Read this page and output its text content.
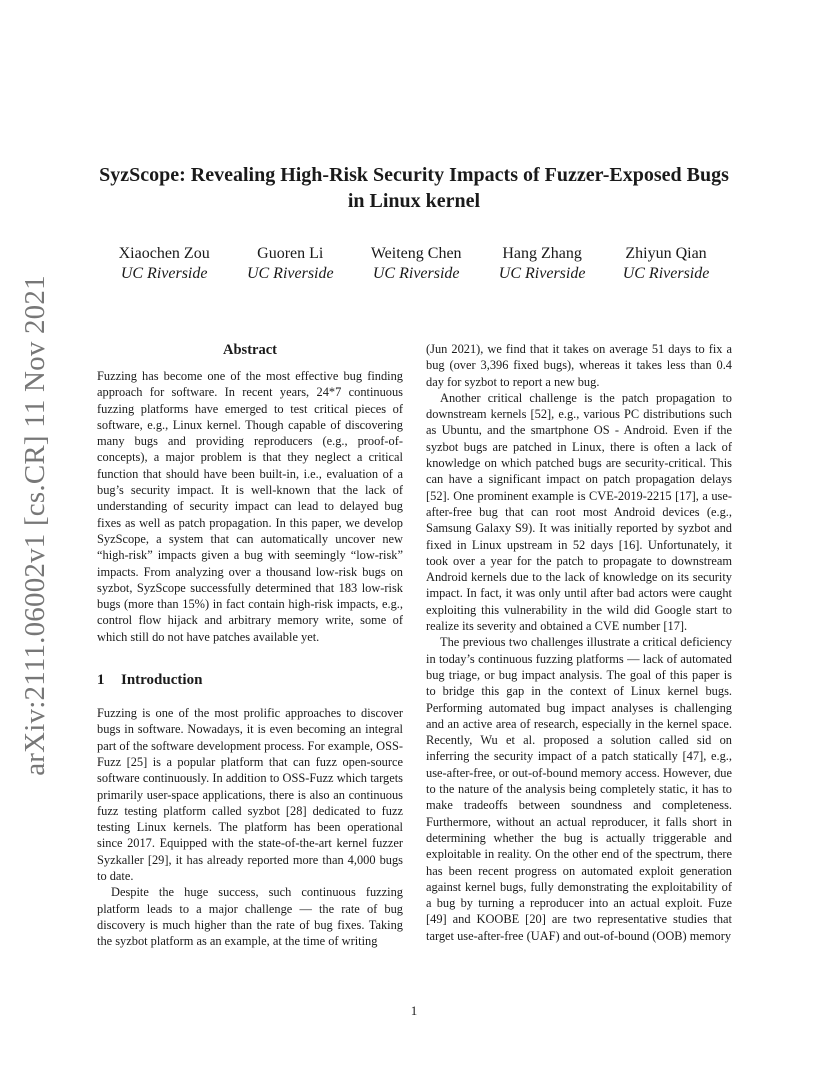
arXiv:2111.06002v1 [cs.CR] 11 Nov 2021
SyzScope: Revealing High-Risk Security Impacts of Fuzzer-Exposed Bugs in Linux kernel
Xiaochen Zou
UC Riverside
Guoren Li
UC Riverside
Weiteng Chen
UC Riverside
Hang Zhang
UC Riverside
Zhiyun Qian
UC Riverside
Abstract

Fuzzing has become one of the most effective bug finding approach for software. In recent years, 24*7 continuous fuzzing platforms have emerged to test critical pieces of software, e.g., Linux kernel. Though capable of discovering many bugs and providing reproducers (e.g., proof-of-concepts), a major problem is that they neglect a critical function that should have been built-in, i.e., evaluation of a bug’s security impact. It is well-known that the lack of understanding of security impact can lead to delayed bug fixes as well as patch propagation. In this paper, we develop SyzScope, a system that can automatically uncover new “high-risk” impacts given a bug with seemingly “low-risk” impacts. From analyzing over a thousand low-risk bugs on syzbot, SyzScope successfully determined that 183 low-risk bugs (more than 15%) in fact contain high-risk impacts, e.g., control flow hijack and arbitrary memory write, some of which still do not have patches available yet.

1 Introduction

Fuzzing is one of the most prolific approaches to discover bugs in software. Nowadays, it is even becoming an integral part of the software development process. For example, OSS-Fuzz [25] is a popular platform that can fuzz open-source software continuously. In addition to OSS-Fuzz which targets primarily user-space applications, there is also an continuous fuzz testing platform called syzbot [28] dedicated to fuzz testing Linux kernels. The platform has been operational since 2017. Equipped with the state-of-the-art kernel fuzzer Syzkaller [29], it has already reported more than 4,000 bugs to date.

Despite the huge success, such continuous fuzzing platform leads to a major challenge — the rate of bug discovery is much higher than the rate of bug fixes. Taking the syzbot platform as an example, at the time of writing

(Jun 2021), we find that it takes on average 51 days to fix a bug (over 3,396 fixed bugs), whereas it takes less than 0.4 day for syzbot to report a new bug.

Another critical challenge is the patch propagation to downstream kernels [52], e.g., various PC distributions such as Ubuntu, and the smartphone OS - Android. Even if the syzbot bugs are patched in Linux, there is often a lack of knowledge on which patched bugs are security-critical. This can have a significant impact on patch propagation delays [52]. One prominent example is CVE-2019-2215 [17], a use-after-free bug that can root most Android devices (e.g., Samsung Galaxy S9). It was initially reported by syzbot and fixed in Linux upstream in 52 days [16]. Unfortunately, it took over a year for the patch to propagate to downstream Android kernels due to the lack of knowledge on its security impact. In fact, it was only until after bad actors were caught exploiting this vulnerability in the wild did Google start to realize its severity and obtained a CVE number [17].

The previous two challenges illustrate a critical deficiency in today’s continuous fuzzing platforms — lack of automated bug triage, or bug impact analysis. The goal of this paper is to bridge this gap in the context of Linux kernel bugs. Performing automated bug impact analyses is challenging and an active area of research, especially in the kernel space. Recently, Wu et al. proposed a solution called sid on inferring the security impact of a patch statically [47], e.g., use-after-free, or out-of-bound memory access. However, due to the nature of the analysis being completely static, it has to make tradeoffs between soundness and completeness. Furthermore, without an actual reproducer, it falls short in determining whether the bug is actually triggerable and exploitable in reality. On the other end of the spectrum, there has been recent progress on automated exploit generation against kernel bugs, fully demonstrating the exploitability of a bug by turning a reproducer into an actual exploit. Fuze [49] and KOOBE [20] are two representative studies that target use-after-free (UAF) and out-of-bound (OOB) memory

1
